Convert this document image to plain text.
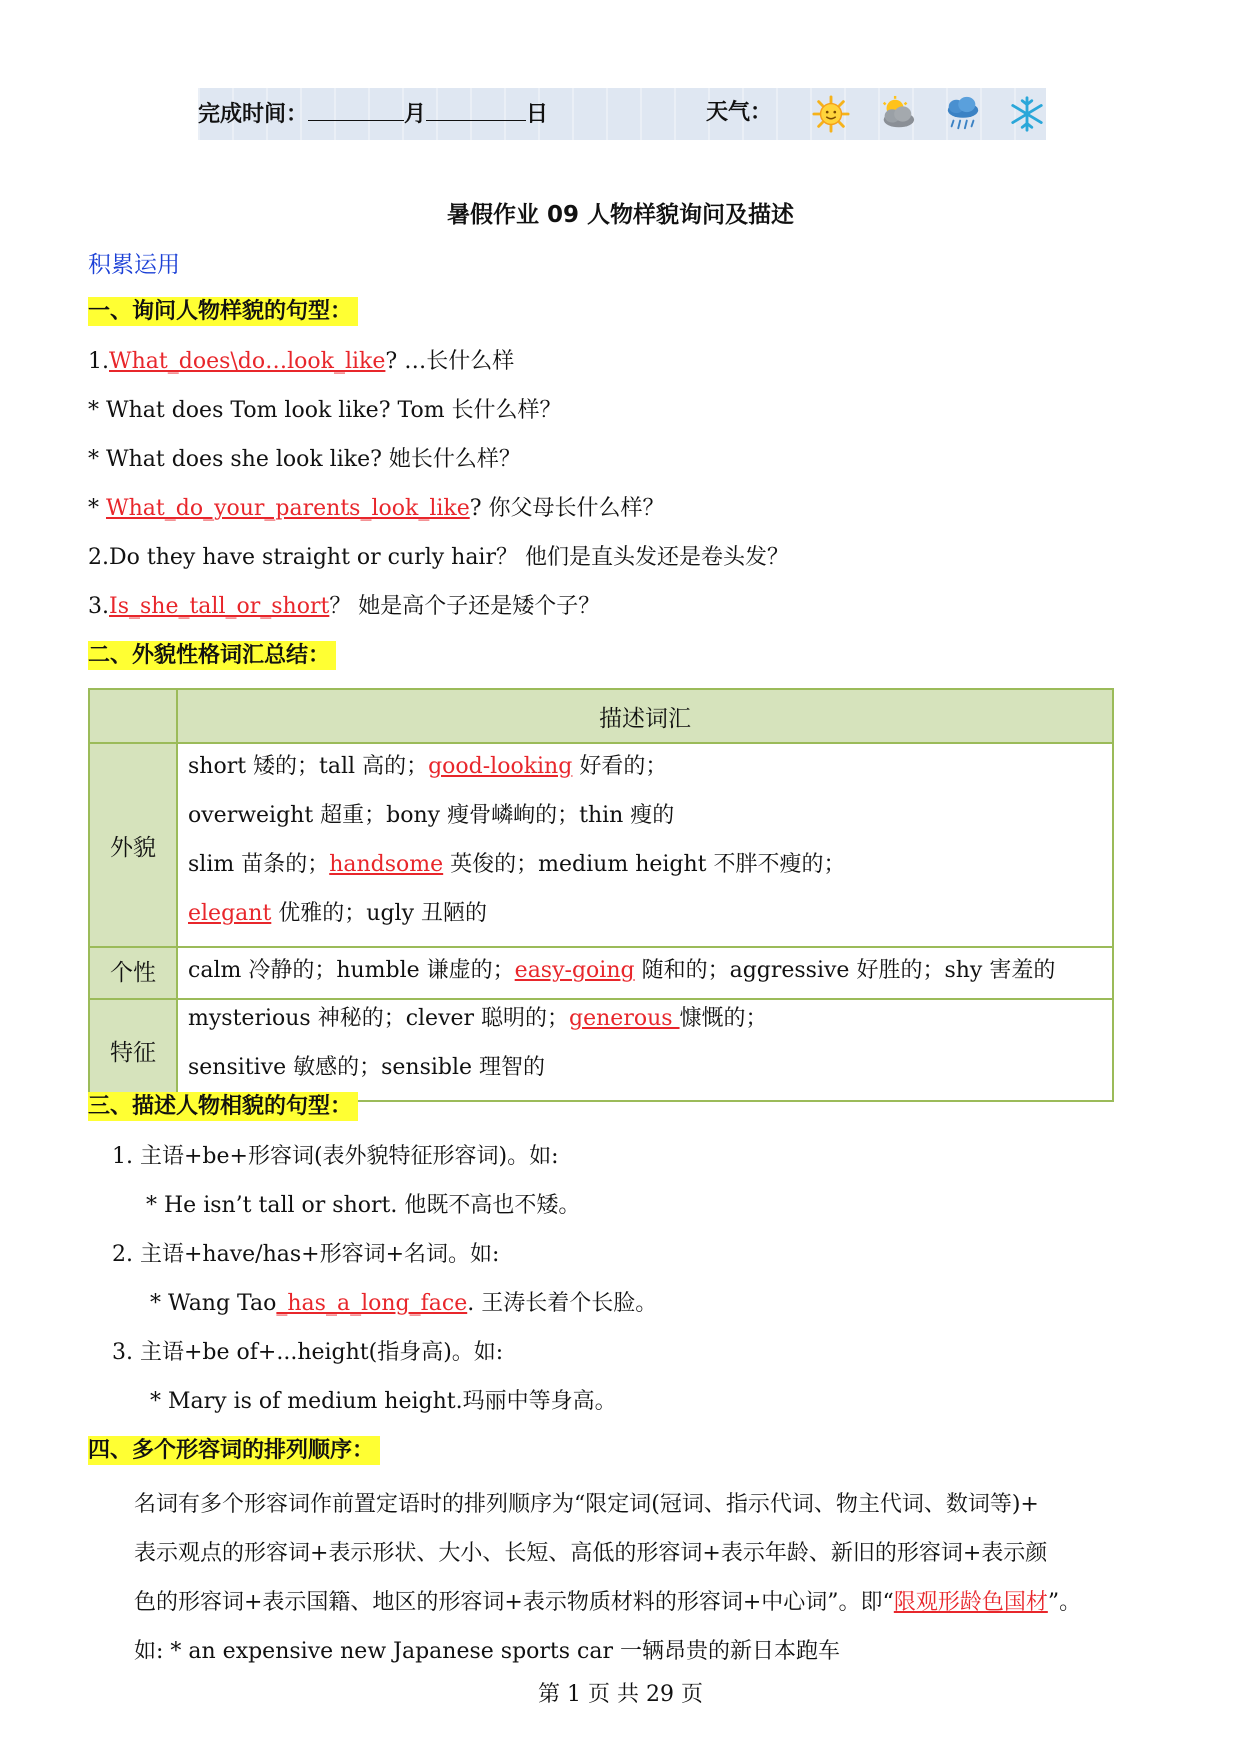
完成时间：	月	日	天气：
暑假作业 09 人物样貌询问及描述
积累运用
一、询问人物样貌的句型：
1.What_does\do…look_like? …长什么样
* What does Tom look like? Tom 长什么样？
* What does she look like? 她长什么样？
* What_do_your_parents_look_like? 你父母长什么样？
2.Do they have straight or curly hair？ 他们是直头发还是卷头发？
3.Is_she_tall_or_short？ 她是高个子还是矮个子？
二、外貌性格词汇总结：
	描述词汇
外貌	short 矮的；tall 高的；good-looking 好看的；
overweight 超重；bony 瘦骨嶙峋的；thin 瘦的
slim 苗条的；handsome 英俊的；medium height 不胖不瘦的；
elegant 优雅的；ugly 丑陋的

个性	calm 冷静的；humble 谦虚的；easy-going 随和的；aggressive 好胜的；shy 害羞的

特征	mysterious 神秘的；clever 聪明的；generous 慷慨的；
sensitive 敏感的；sensible 理智的
三、描述人物相貌的句型：
1. 主语+be+形容词(表外貌特征形容词)。如:
* He isn’t tall or short. 他既不高也不矮。
2. 主语+have/has+形容词+名词。如:
* Wang Tao_has_a_long_face. 王涛长着个长脸。
3. 主语+be of+...height(指身高)。如:
* Mary is of medium height.玛丽中等身高。
四、多个形容词的排列顺序：
名词有多个形容词作前置定语时的排列顺序为“限定词(冠词、指示代词、物主代词、数词等)+
表示观点的形容词+表示形状、大小、长短、高低的形容词+表示年龄、新旧的形容词+表示颜
色的形容词+表示国籍、地区的形容词+表示物质材料的形容词+中心词”。即“限观形龄色国材”。
如: * an expensive new Japanese sports car 一辆昂贵的新日本跑车
第 1 页 共 29 页
